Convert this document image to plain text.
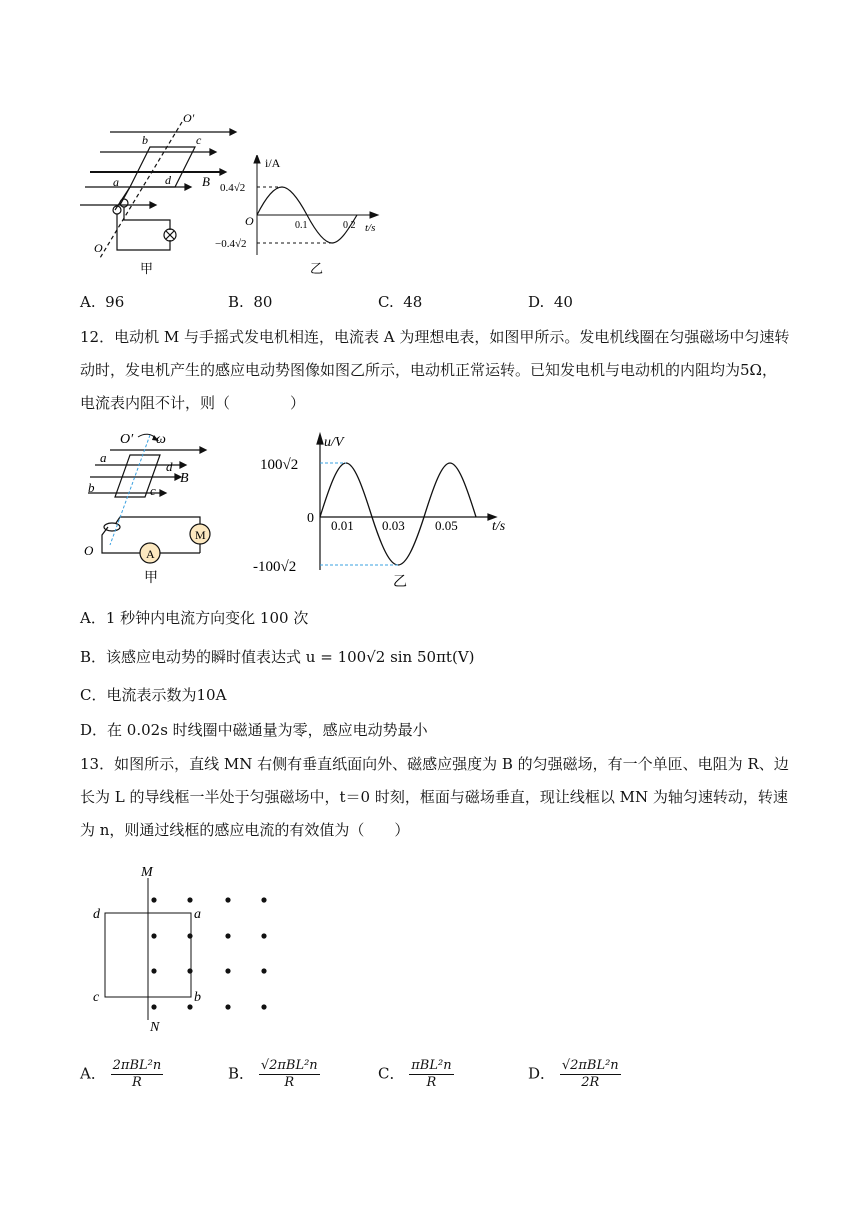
O′
b	c
a	d B
O
甲
i/A
0.4√2
O	0.1	0.2 t/s
−0.4√2
乙
A. 96	B. 80	C. 48	D. 40
12．电动机 M 与手摇式发电机相连，电流表 A 为理想电表，如图甲所示。发电机线圈在匀强磁场中匀速转
动时，发电机产生的感应电动势图像如图乙所示，电动机正常运转。已知发电机与电动机的内阻均为5Ω，
电流表内阻不计，则（　　　　）
O′ ω
a
d
B
b	c
O	A
M
甲
u/V
100√2
0 0.01 0.03 0.05 t/s
-100√2
乙
A．1 秒钟内电流方向变化 100 次
B．该感应电动势的瞬时值表达式 u = 100√2 sin 50πt(V)
C．电流表示数为10A
D．在 0.02s 时线圈中磁通量为零，感应电动势最小
13．如图所示，直线 MN 右侧有垂直纸面向外、磁感应强度为 B 的匀强磁场，有一个单匝、电阻为 R、边
长为 L 的导线框一半处于匀强磁场中，t＝0 时刻，框面与磁场垂直，现让线框以 MN 为轴匀速转动，转速
为 n，则通过线框的感应电流的有效值为（　　）
M
d	a
c	b
N
A． $\frac{\text{2πBL²n}}{R}$	B． $\frac{\text{√2πBL²n}}{R}$	C． $\frac{\text{πBL²n}}{R}$	D． $\frac{\text{√2πBL²n}}{2R}$
